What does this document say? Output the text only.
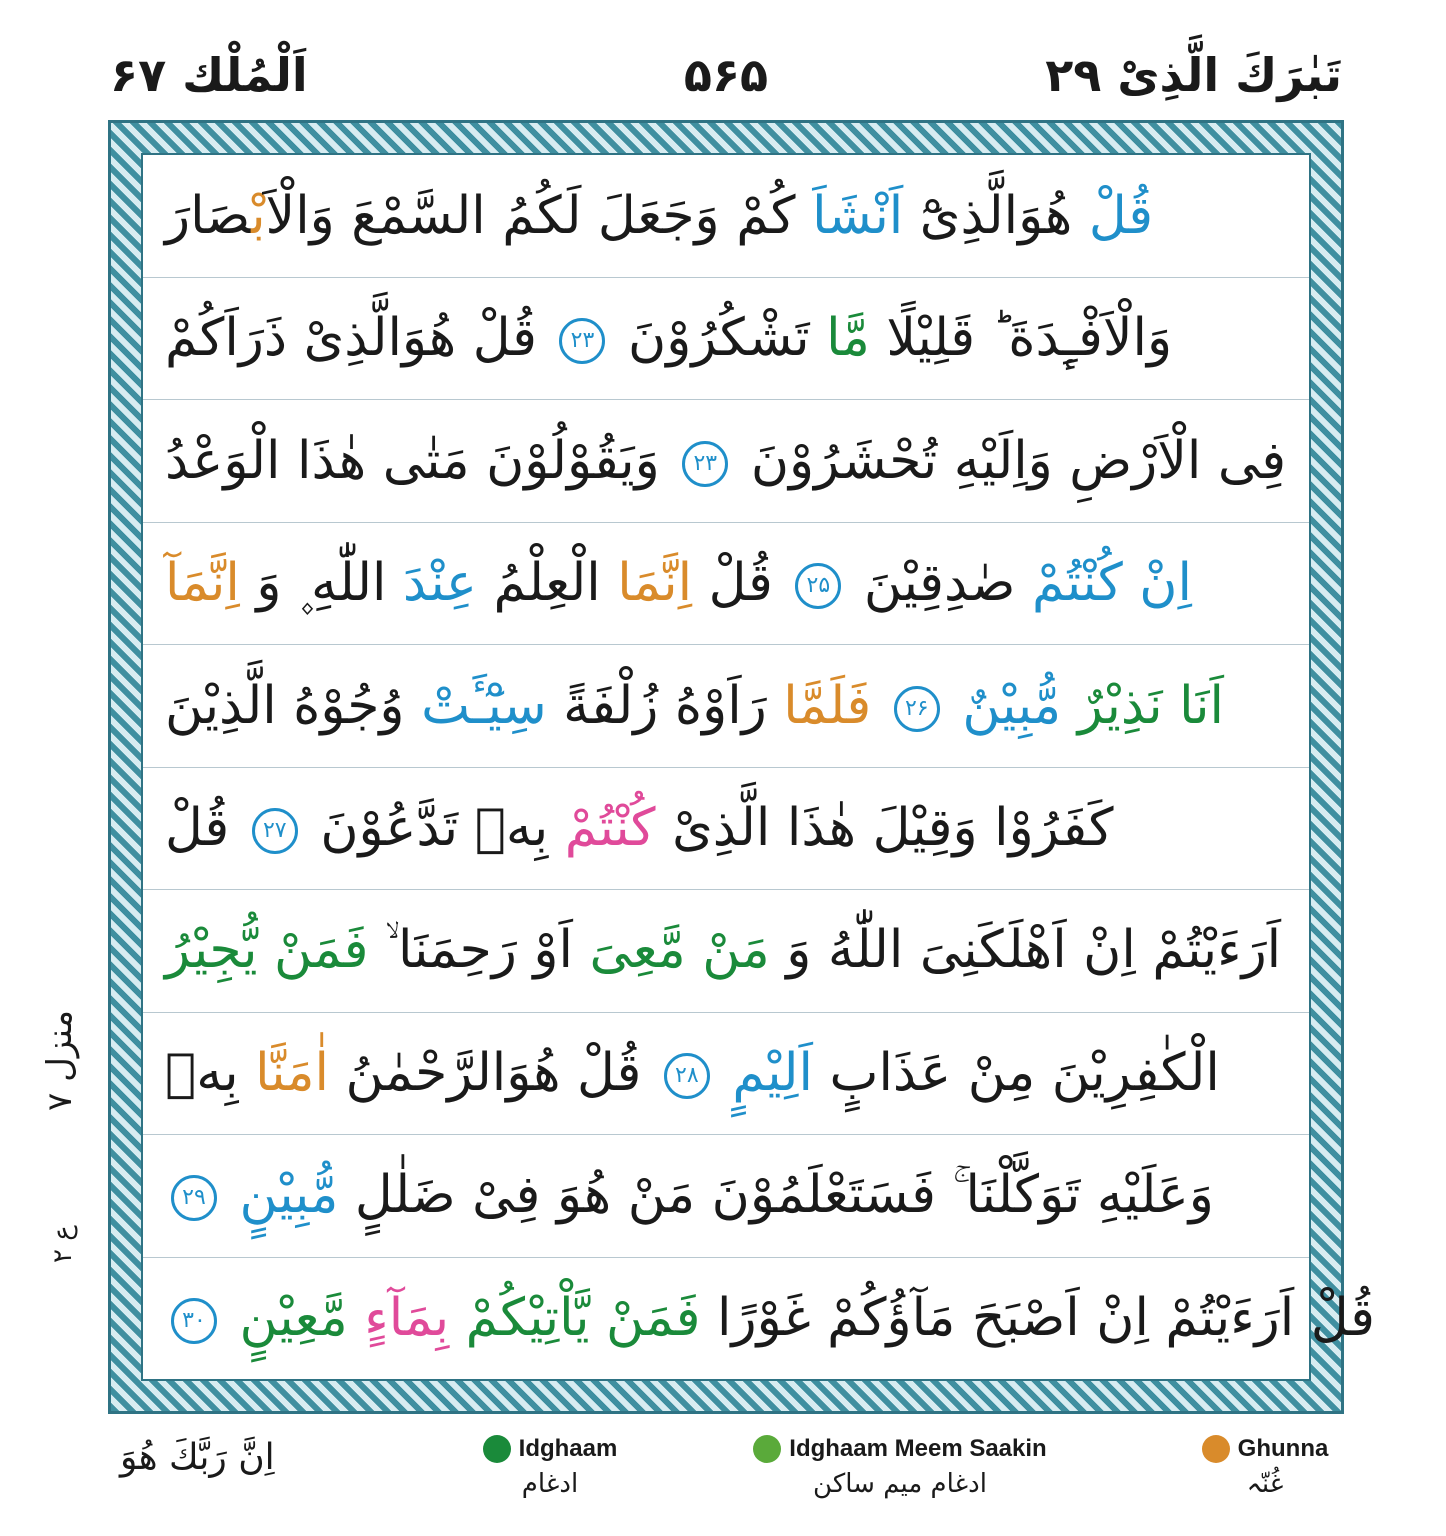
تَبٰرَكَ الَّذِیْ ۲۹
۵۶۵
اَلْمُلْك ۶۷
قُلْ هُوَالَّذِیْٓ اَنْشَاَ كُمْ وَجَعَلَ لَكُمُ السَّمْعَ وَالْاَبْصَارَ
وَالْاَفْـِٕدَةَ ؕ قَلِیْلًا مَّا تَشْكُرُوْنَ ۲۳ قُلْ هُوَالَّذِیْ ذَرَاَكُمْ
فِی الْاَرْضِ وَاِلَیْهِ تُحْشَرُوْنَ ۲۳ وَیَقُوْلُوْنَ مَتٰی هٰذَا الْوَعْدُ
اِنْ كُنْتُمْ صٰدِقِیْنَ ۲۵ قُلْ اِنَّمَا الْعِلْمُ عِنْدَ اللّٰهِ ۪ وَ اِنَّمَآ
اَنَا نَذِیْرٌ مُّبِیْنٌ ۲۶ فَلَمَّا رَاَوْهُ زُلْفَةً سِیْٓـَٔتْ وُجُوْهُ الَّذِیْنَ
كَفَرُوْا وَقِیْلَ هٰذَا الَّذِیْ كُنْتُمْ بِهٖ تَدَّعُوْنَ ۲۷ قُلْ
اَرَءَیْتُمْ اِنْ اَهْلَكَنِیَ اللّٰهُ وَ مَنْ مَّعِیَ اَوْ رَحِمَنَا ۙ فَمَنْ یُّجِیْرُ
الْكٰفِرِیْنَ مِنْ عَذَابٍ اَلِیْمٍ ۲۸ قُلْ هُوَالرَّحْمٰنُ اٰمَنَّا بِهٖ
وَعَلَیْهِ تَوَكَّلْنَا ۚ فَسَتَعْلَمُوْنَ مَنْ هُوَ فِیْ ضَلٰلٍ مُّبِیْنٍ ۲۹
قُلْ اَرَءَیْتُمْ اِنْ اَصْبَحَ مَآؤُكُمْ غَوْرًا فَمَنْ یَّاْتِیْكُمْ بِمَآءٍ مَّعِیْنٍ ۳۰
منزل ۷
ع ۲
اِنَّ رَبَّكَ هُوَ	Idghaam
ادغام
Idghaam Meem Saakin
ادغام میم ساکن
Ghunna
غُنّہ
